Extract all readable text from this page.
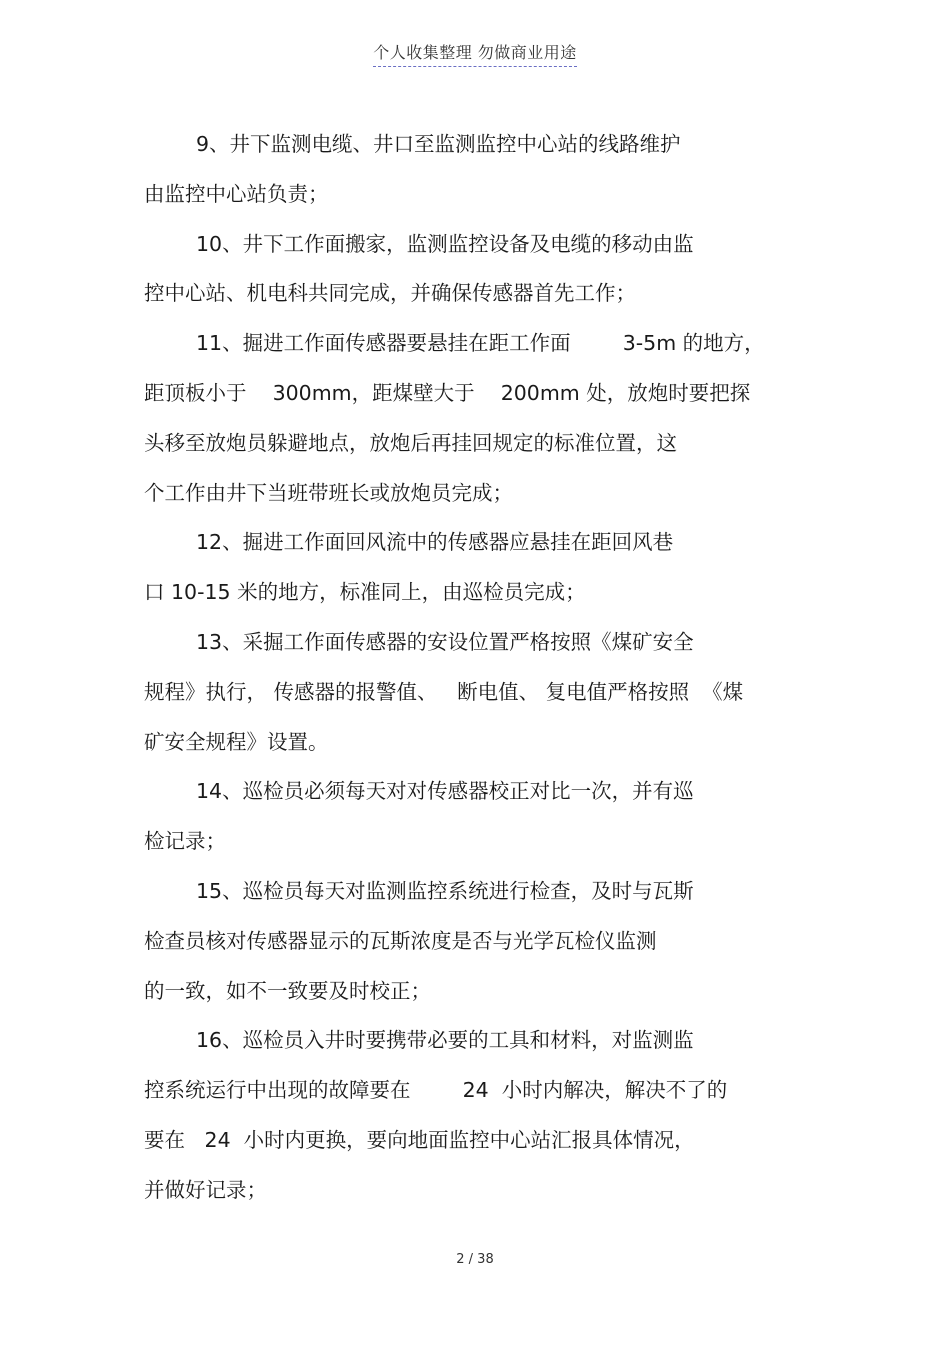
个人收集整理 勿做商业用途
9、井下监测电缆、井口至监测监控中心站的线路维护
由监控中心站负责；
10、井下工作面搬家，监测监控设备及电缆的移动由监
控中心站、机电科共同完成，并确保传感器首先工作；
11、掘进工作面传感器要悬挂在距工作面        3-5m 的地方，
距顶板小于    300mm，距煤壁大于    200mm 处，放炮时要把探
头移至放炮员躲避地点，放炮后再挂回规定的标准位置，这
个工作由井下当班带班长或放炮员完成；
12、掘进工作面回风流中的传感器应悬挂在距回风巷
口 10-15 米的地方，标准同上，由巡检员完成；
13、采掘工作面传感器的安设位置严格按照《煤矿安全
规程》执行， 传感器的报警值、   断电值、 复电值严格按照  《煤
矿安全规程》设置。
14、巡检员必须每天对对传感器校正对比一次，并有巡
检记录；
15、巡检员每天对监测监控系统进行检查，及时与瓦斯
检查员核对传感器显示的瓦斯浓度是否与光学瓦检仪监测
的一致，如不一致要及时校正；
16、巡检员入井时要携带必要的工具和材料，对监测监
控系统运行中出现的故障要在        24  小时内解决，解决不了的
要在   24  小时内更换，要向地面监控中心站汇报具体情况，
并做好记录；
2 / 38
